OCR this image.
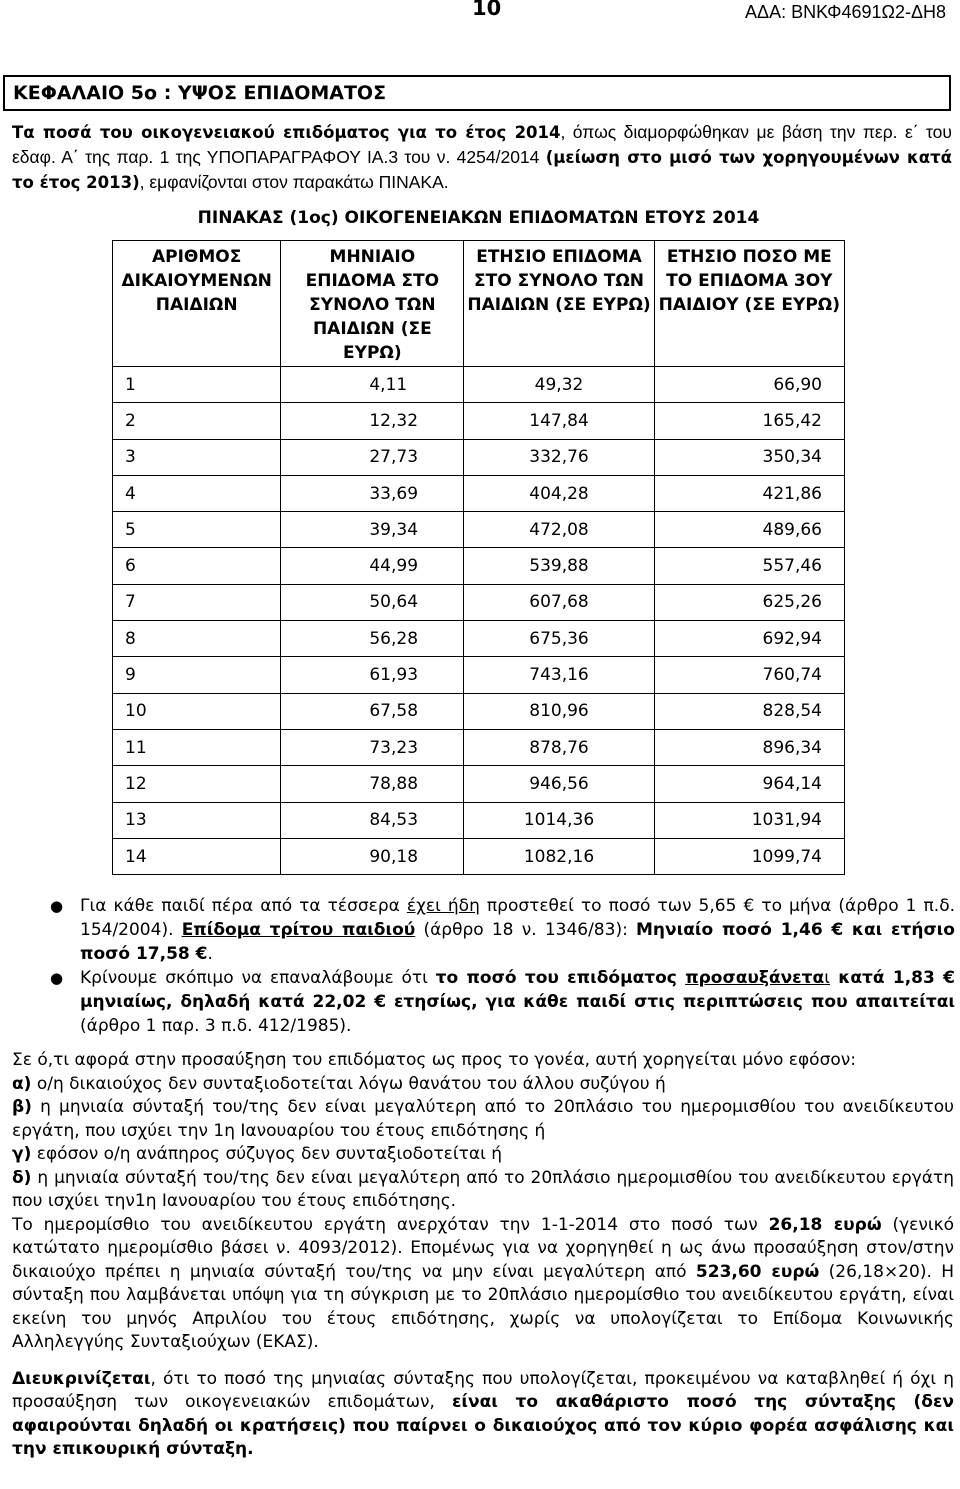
10	ΑΔΑ: ΒΝΚΦ4691Ω2-ΔΗ8
ΚΕΦΑΛΑΙΟ 5ο : ΥΨΟΣ ΕΠΙΔΟΜΑΤΟΣ
Τα ποσά του οικογενειακού επιδόματος για το έτος 2014, όπως διαμορφώθηκαν με βάση την περ. ε΄ του εδαφ. Α΄ της παρ. 1 της ΥΠΟΠΑΡΑΓΡΑΦΟΥ ΙΑ.3 του ν. 4254/2014 (μείωση στο μισό των χορηγουμένων κατά το έτος 2013), εμφανίζονται στον παρακάτω ΠΙΝΑΚΑ.
ΠΙΝΑΚΑΣ (1ος) ΟΙΚΟΓΕΝΕΙΑΚΩΝ ΕΠΙΔΟΜΑΤΩΝ ΕΤΟΥΣ 2014			
ΑΡΙΘΜΟΣ ΔΙΚΑΙΟΥΜΕΝΩΝ ΠΑΙΔΙΩΝ	ΜΗΝΙΑΙΟ ΕΠΙΔΟΜΑ ΣΤΟ ΣΥΝΟΛΟ ΤΩΝ ΠΑΙΔΙΩΝ (ΣΕ ΕΥΡΩ)	ΕΤΗΣΙΟ ΕΠΙΔΟΜΑ ΣΤΟ ΣΥΝΟΛΟ ΤΩΝ ΠΑΙΔΙΩΝ (ΣΕ ΕΥΡΩ)	ΕΤΗΣΙΟ ΠΟΣΟ ΜΕ ΤΟ ΕΠΙΔΟΜΑ 3ΟΥ ΠΑΙΔΙΟΥ (ΣΕ ΕΥΡΩ)
1	4,11	49,32	66,90
2	12,32	147,84	165,42
3	27,73	332,76	350,34
4	33,69	404,28	421,86
5	39,34	472,08	489,66
6	44,99	539,88	557,46
7	50,64	607,68	625,26
8	56,28	675,36	692,94
9	61,93	743,16	760,74
10	67,58	810,96	828,54
11	73,23	878,76	896,34
12	78,88	946,56	964,14
13	84,53	1014,36	1031,94
14	90,18	1082,16	1099,74
● Για κάθε παιδί πέρα από τα τέσσερα έχει ήδη προστεθεί το ποσό των 5,65 € το μήνα (άρθρο 1 π.δ. 154/2004). Επίδομα τρίτου παιδιού (άρθρο 18 ν. 1346/83): Μηνιαίο ποσό 1,46 € και ετήσιο ποσό 17,58 €.
● Κρίνουμε σκόπιμο να επαναλάβουμε ότι το ποσό του επιδόματος προσαυξάνεται κατά 1,83 € μηνιαίως, δηλαδή κατά 22,02 € ετησίως, για κάθε παιδί στις περιπτώσεις που απαιτείται (άρθρο 1 παρ. 3 π.δ. 412/1985).

Σε ό,τι αφορά στην προσαύξηση του επιδόματος ως προς το γονέα, αυτή χορηγείται μόνο εφόσον:

α) ο/η δικαιούχος δεν συνταξιοδοτείται λόγω θανάτου του άλλου συζύγου ή

β) η μηνιαία σύνταξή του/της δεν είναι μεγαλύτερη από το 20πλάσιο του ημερομισθίου του ανειδίκευτου εργάτη, που ισχύει την 1η Ιανουαρίου του έτους επιδότησης ή

γ) εφόσον ο/η ανάπηρος σύζυγος δεν συνταξιοδοτείται ή

δ) η μηνιαία σύνταξή του/της δεν είναι μεγαλύτερη από το 20πλάσιο ημερομισθίου του ανειδίκευτου εργάτη που ισχύει την1η Ιανουαρίου του έτους επιδότησης.

Το ημερομίσθιο του ανειδίκευτου εργάτη ανερχόταν την 1-1-2014 στο ποσό των 26,18 ευρώ (γενικό κατώτατο ημερομίσθιο βάσει ν. 4093/2012). Επομένως για να χορηγηθεί η ως άνω προσαύξηση στον/στην δικαιούχο πρέπει η μηνιαία σύνταξή του/της να μην είναι μεγαλύτερη από 523,60 ευρώ (26,18×20). Η σύνταξη που λαμβάνεται υπόψη για τη σύγκριση με το 20πλάσιο ημερομίσθιο του ανειδίκευτου εργάτη, είναι εκείνη του μηνός Απριλίου του έτους επιδότησης, χωρίς να υπολογίζεται το Επίδομα Κοινωνικής Αλληλεγγύης Συνταξιούχων (ΕΚΑΣ).

Διευκρινίζεται, ότι το ποσό της μηνιαίας σύνταξης που υπολογίζεται, προκειμένου να καταβληθεί ή όχι η προσαύξηση των οικογενειακών επιδομάτων, είναι το ακαθάριστο ποσό της σύνταξης (δεν αφαιρούνται δηλαδή οι κρατήσεις) που παίρνει ο δικαιούχος από τον κύριο φορέα ασφάλισης και την επικουρική σύνταξη.
